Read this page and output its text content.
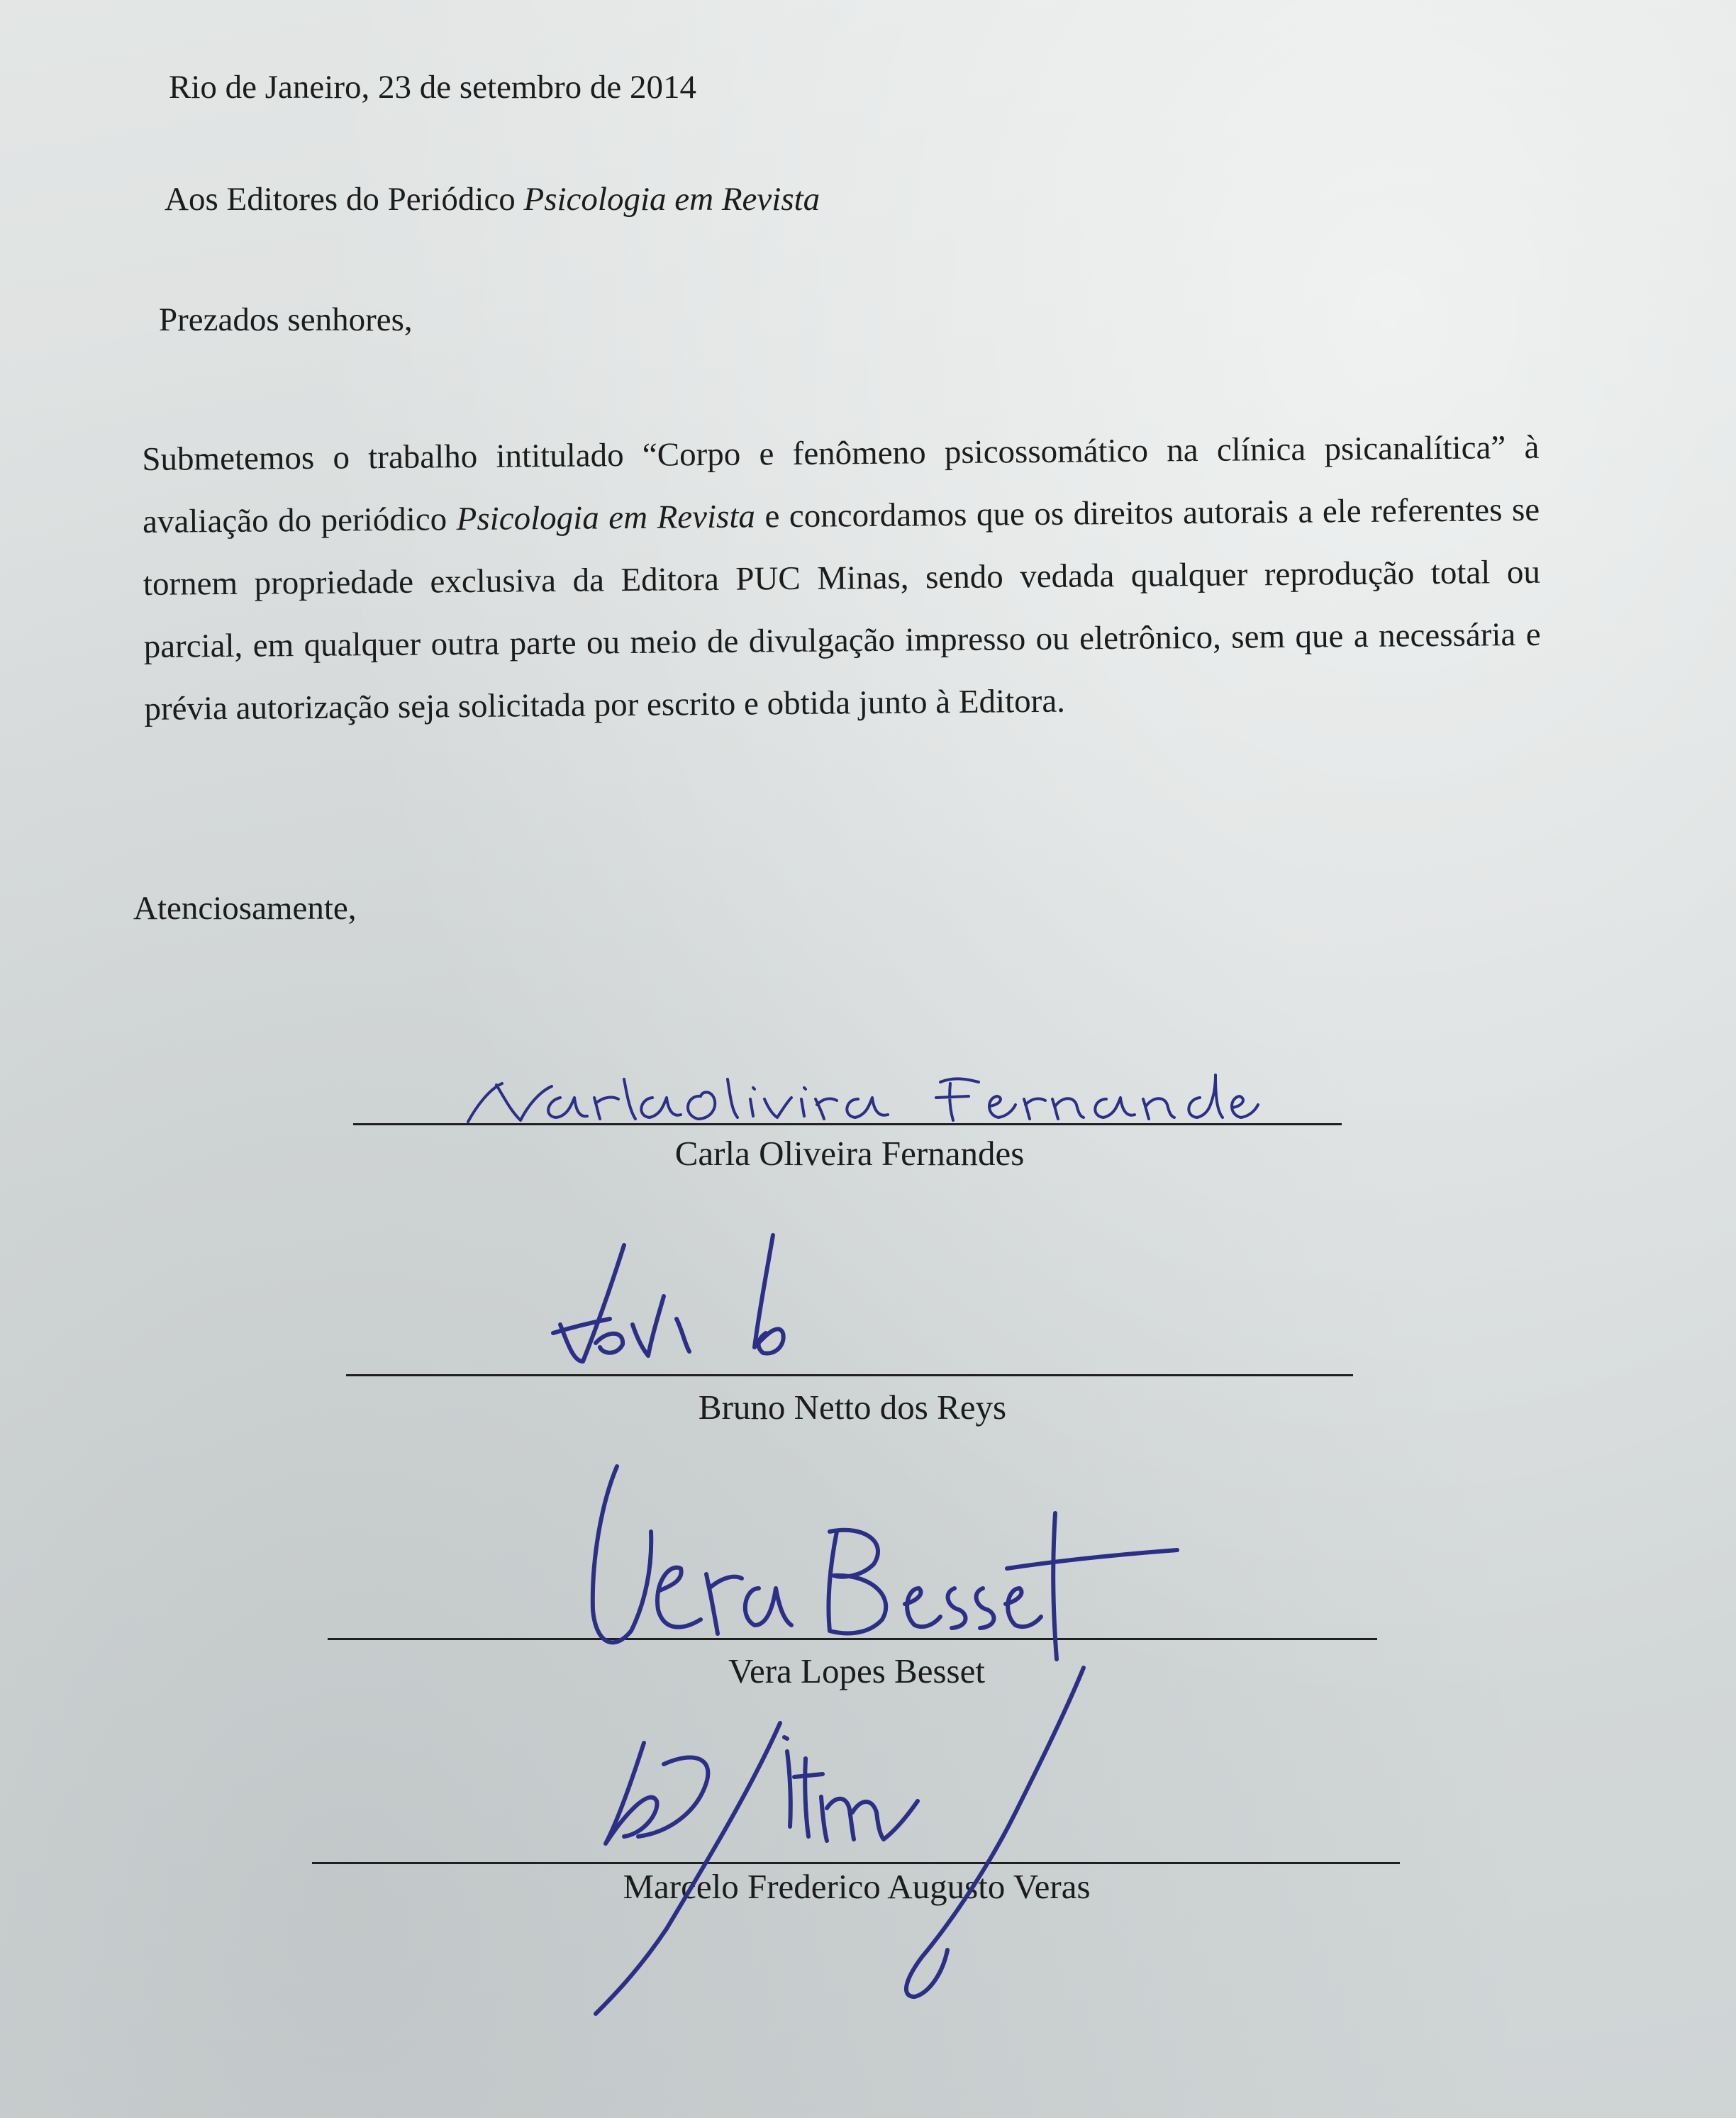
Rio de Janeiro, 23 de setembro de 2014

Aos Editores do Periódico Psicologia em Revista

Prezados senhores,

Submetemos o trabalho intitulado “Corpo e fenômeno psicossomático na clínica psicanalítica” à avaliação do periódico Psicologia em Revista e concordamos que os direitos autorais a ele referentes se tornem propriedade exclusiva da Editora PUC Minas, sendo vedada qualquer reprodução total ou parcial, em qualquer outra parte ou meio de divulgação impresso ou eletrônico, sem que a necessária e prévia autorização seja solicitada por escrito e obtida junto à Editora.

Atenciosamente,

Carla Oliveira Fernandes

Bruno Netto dos Reys

Vera Lopes Besset

Marcelo Frederico Augusto Veras
